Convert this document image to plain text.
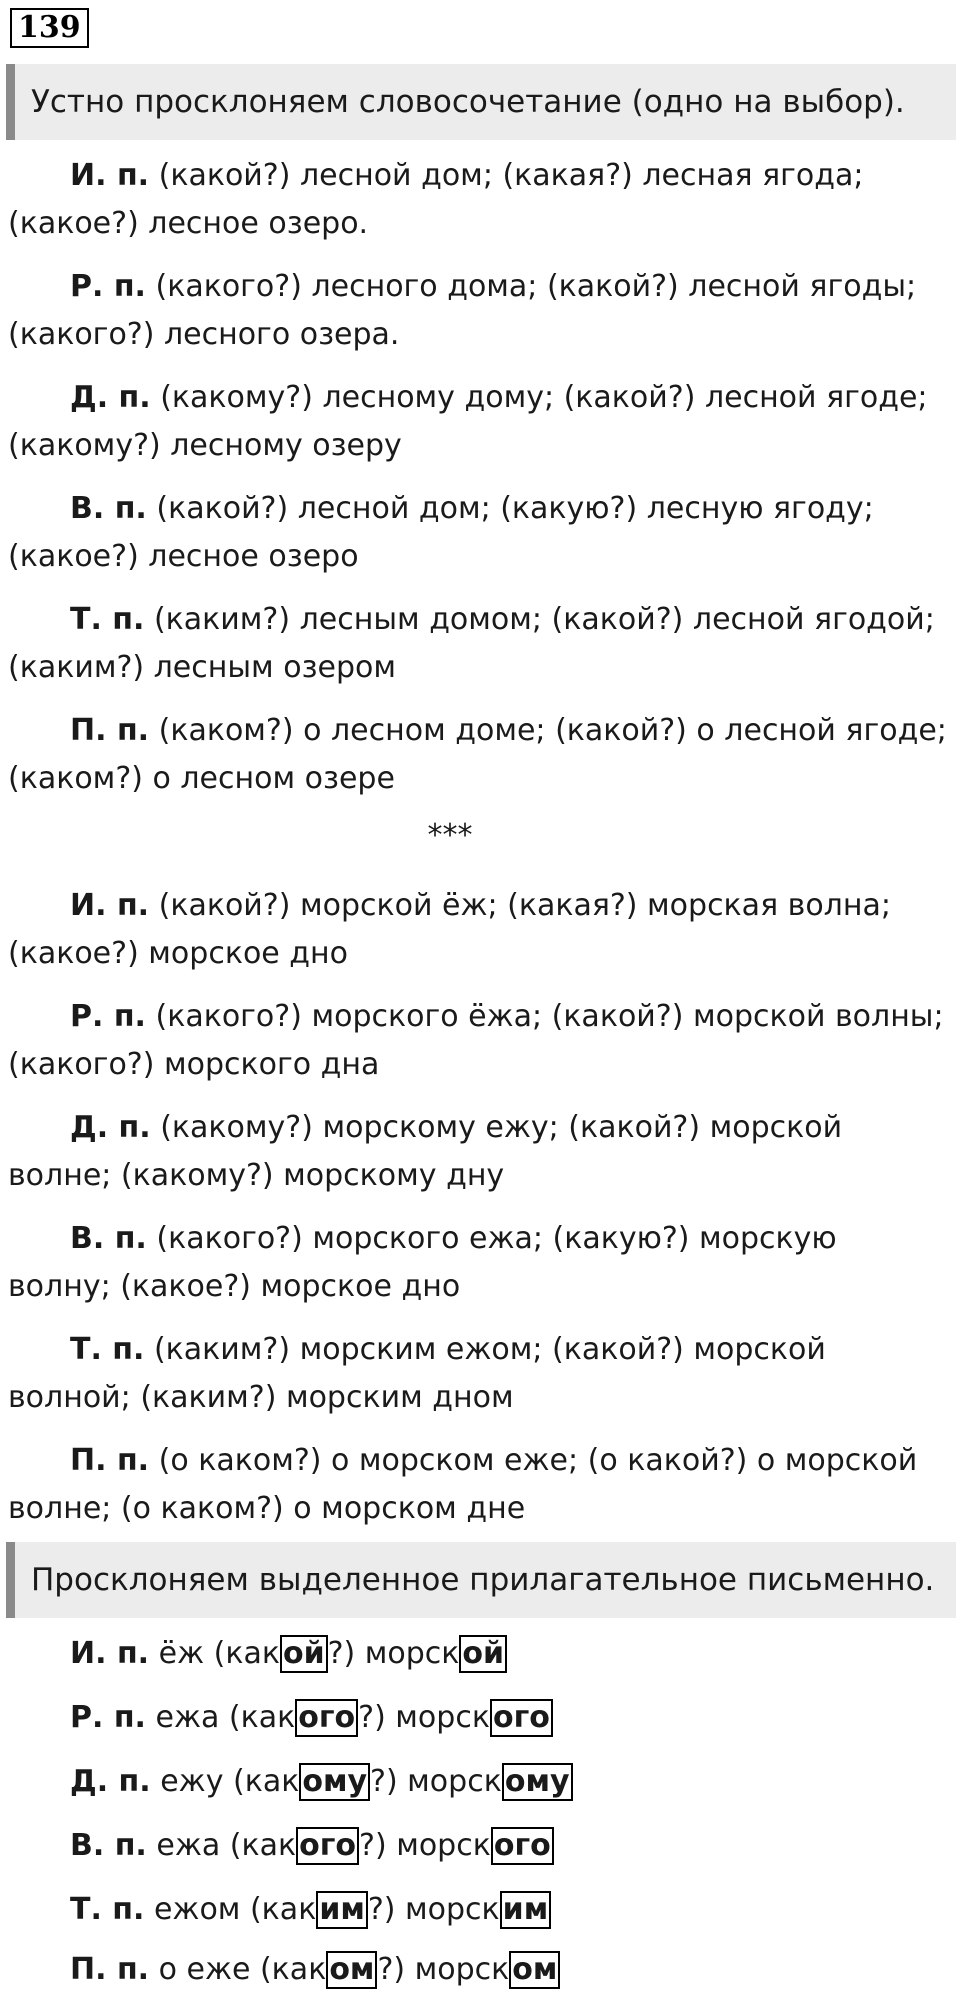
139
Устно просклоняем словосочетание (одно на выбор).

И. п. (какой?) лесной дом; (какая?) лесная ягода; (какое?) лесное озеро.

Р. п. (какого?) лесного дома; (какой?) лесной ягоды; (какого?) лесного озера.

Д. п. (какому?) лесному дому; (какой?) лесной ягоде; (какому?) лесному озеру

В. п. (какой?) лесной дом; (какую?) лесную ягоду; (какое?) лесное озеро

Т. п. (каким?) лесным домом; (какой?) лесной ягодой; (каким?) лесным озером

П. п. (каком?) о лесном доме; (какой?) о лесной ягоде; (каком?) о лесном озере

***

И. п. (какой?) морской ёж; (какая?) морская волна; (какое?) морское дно

Р. п. (какого?) морского ёжа; (какой?) морской волны; (какого?) морского дна

Д. п. (какому?) морскому ежу; (какой?) морской волне; (какому?) морскому дну

В. п. (какого?) морского ежа; (какую?) морскую волну; (какое?) морское дно

Т. п. (каким?) морским ежом; (какой?) морской волной; (каким?) морским дном

П. п. (о каком?) о морском еже; (о какой?) о морской волне; (о каком?) о морском дне

Просклоняем выделенное прилагательное письменно.
И. п. ёж (как ой ?) морск ой
Р. п. ежа (как ого ?) морск ого
Д. п. ежу (как ому ?) морск ому
В. п. ежа (как ого ?) морск ого
Т. п. ежом (как им ?) морск им
П. п. о еже (как ом ?) морск ом
